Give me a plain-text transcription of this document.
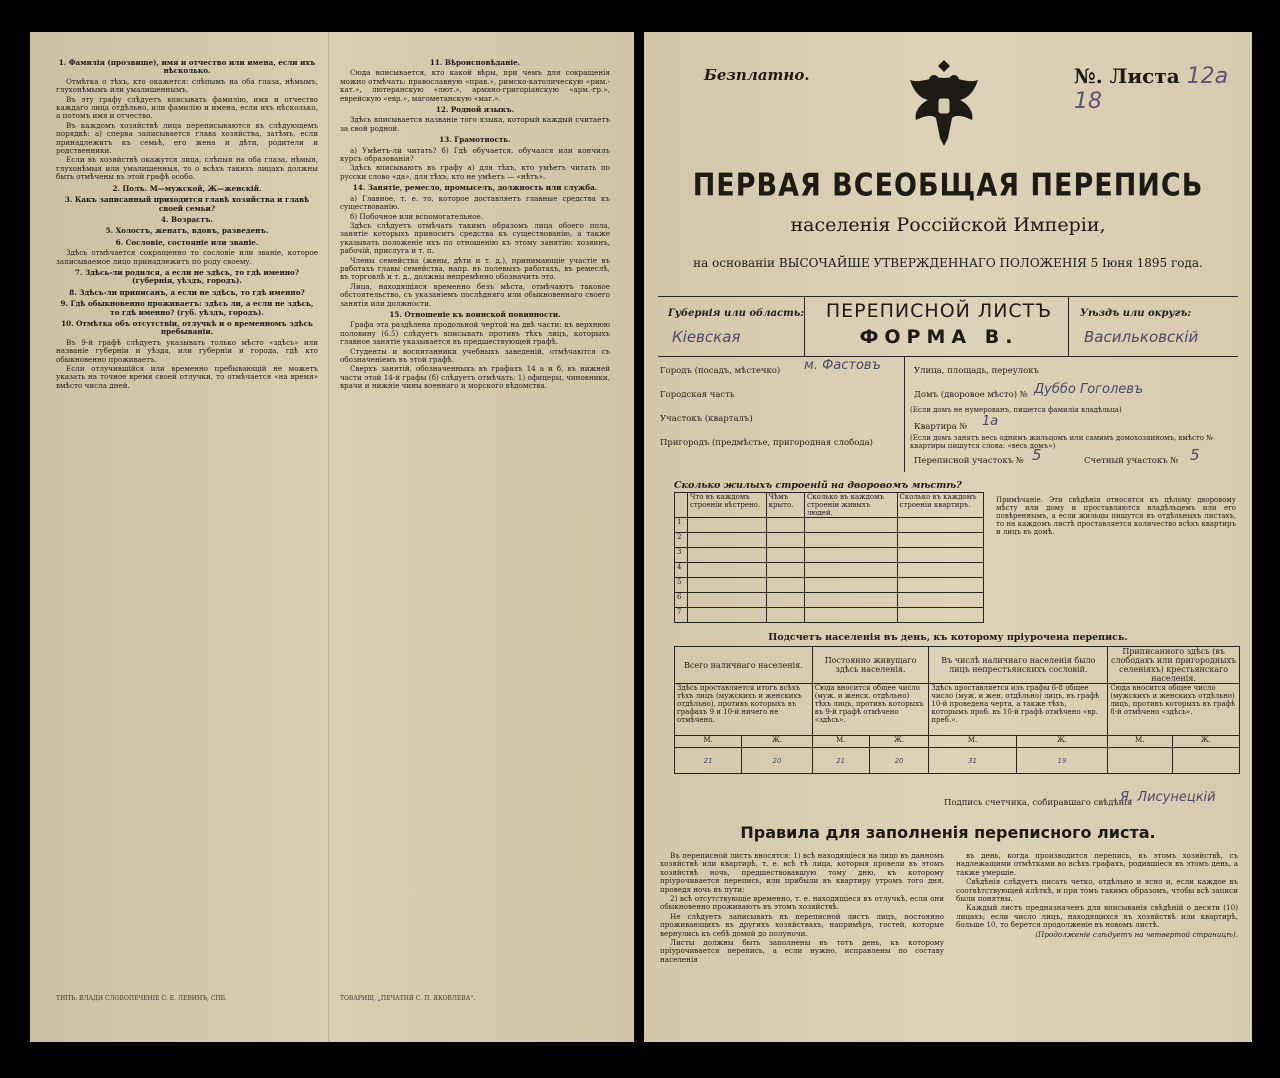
1. Фамилія (прозвище), имя и отчество или имена, если ихъ нѣсколько.

Отмѣтка о тѣхъ, кто окажется: слѣпымъ на оба глаза, нѣмымъ, глухонѣмымъ или умалишеннымъ.

Въ эту графу слѣдуетъ вписывать фамилію, имя и отчество каждаго лица отдѣльно, или фамилію и имена, если ихъ нѣсколько, а потомъ имя и отчество.

Въ каждомъ хозяйствѣ лица переписываются въ слѣдующемъ порядкѣ: а) сперва записывается глава хозяйства, затѣмъ, если принадлежитъ къ семьѣ, его жена и дѣти, родители и родственники.

Если въ хозяйствѣ окажутся лица, слѣпыя на оба глаза, нѣмыя, глухонѣмыя или умалишенныя, то о всѣхъ такихъ лицахъ должны быть отмѣчены въ этой графѣ особо.

2. Полъ. М—мужской, Ж—женскій.

3. Какъ записанный приходится главѣ хозяйства и главѣ своей семьи?

4. Возрастъ.

5. Холостъ, женатъ, вдовъ, разведенъ.

6. Сословіе, состояніе или званіе.

Здѣсь отмѣчается сокращенно то сословіе или званіе, которое записываемое лицо принадлежитъ по роду своему.

7. Здѣсь-ли родился, а если не здѣсь, то гдѣ именно? (губернія, уѣздъ, городъ).

8. Здѣсь-ли приписанъ, а если не здѣсь, то гдѣ именно?

9. Гдѣ обыкновенно проживаетъ: здѣсь ли, а если не здѣсь, то гдѣ именно? (губ. уѣздъ, городъ).

10. Отмѣтка объ отсутствіи, отлучкѣ и о временномъ здѣсь пребываніи.

Въ 9-й графѣ слѣдуетъ указывать только мѣсто «здѣсь» или названіе губерніи и уѣзда, или губерніи и города, гдѣ кто обыкновенно проживаетъ.

Если отлучившійся или временно пребывающій не можетъ указать на точное время своей отлучки, то отмѣчается «на время» вмѣсто числа дней.

11. Вѣроисповѣданіе.

Сюда вписывается, кто какой вѣры, при чемъ для сокращенія можно отмѣчать: православную «прав.», римско-католическую «рим.-кат.», лютеранскую «лют.», армяно-григоріанскую «арм.-гр.», еврейскую «евр.», магометанскую «маг.».

12. Родной языкъ.

Здѣсь вписывается названіе того языка, который каждый считаетъ за свой родной.

13. Грамотность.

а) Умѣетъ-ли читать? б) Гдѣ обучается, обучался или кончилъ курсъ образованія?

Здѣсь вписываютъ въ графу а) для тѣхъ, кто умѣетъ читать по русски слово «да», для тѣхъ, кто не умѣетъ — «нѣтъ».

14. Занятіе, ремесло, промыселъ, должность или служба.

а) Главное, т. е. то, которое доставляетъ главные средства къ существованію.

б) Побочное или вспомогательное.

Здѣсь слѣдуетъ отмѣчать такимъ образомъ лица обоего пола, занятіе которыхъ приноситъ средства къ существованію, а также указывать положеніе ихъ по отношенію къ этому занятію: хозяинъ, рабочій, прислуга и т. п.

Члены семейства (жены, дѣти и т. д.), принимающіе участіе въ работахъ главы семейства, напр. въ полевыхъ работахъ, въ ремеслѣ, въ торговлѣ и т. д., должны непремѣнно обозначить это.

Лица, находящіяся временно безъ мѣста, отмѣчаютъ таковое обстоятельство, съ указаніемъ послѣдняго или обыкновеннаго своего занятія или должности.

15. Отношеніе къ воинской повинности.

Графа эта раздѣлена продольной чертой на двѣ части: въ верхнюю половину (6.5) слѣдуетъ вписывать противъ тѣхъ лицъ, которыхъ главное занятіе указывается въ предшествующей графѣ.

Студенты и воспитанники учебныхъ заведеній, отмѣчаются съ обозначеніемъ въ этой графѣ.

Сверхъ занятій, обозначенныхъ въ графахъ 14 а и б, въ нижней части этой 14-й графы (б) слѣдуетъ отмѣчать: 1) офицеры, чиновники, врачи и нижніе чины военнаго и морского вѣдомства.

ТИПЪ. ВЛАДИ СЛОВОПЕЧЕНІЕ С. Е. ЛЕВИНЪ, СПБ.	ТОВАРИЩ. „ПЕЧАТНЯ С. П. ЯКОВЛЕВА“.
Безплатно.	№. Листа 12а 18
ПЕРВАЯ ВСЕОБЩАЯ ПЕРЕПИСЬ
населенія Россійской Имперіи,
на основаніи ВЫСОЧАЙШЕ УТВЕРЖДЕННАГО ПОЛОЖЕНІЯ 5 Іюня 1895 года.
Губернія или область:
Кіевская
ПЕРЕПИСНОЙ ЛИСТЪ
ФОРМА В.
Уѣздъ или округъ:
Васильковскій
Городъ (посадъ, мѣстечко) м. Фастовъ	Улица, площадь, переулокъ
Городская часть	Домъ (дворовое мѣсто) № Дуббо Гоголевъ
(Если домъ не нумерованъ, пишется фамилія владѣльца)
Участокъ (кварталъ)
Квартира № 1а
(Если домъ занятъ весь однимъ жильцомъ или самимъ домохозяиномъ, вмѣсто № квартиры пишутся слова: «весь домъ»)
Пригородъ (предмѣстье, пригородная слобода)
Переписной участокъ № 5	Счетный участокъ № 5
Сколько жилыхъ строеній на дворовомъ мѣстѣ?
	Что въ каждомъ строеніи вѣстрено.	Чѣмъ крыто.	Сколько въ каждомъ строеніи живыхъ людей.	Сколько въ каждомъ строеніи квартиръ.
1				
2				
3				
4				
5				
6				
7				
Примѣчаніе. Эти свѣдѣнія относятся къ цѣлому дворовому мѣсту или дому и проставляются владѣльцемъ или его повѣреннымъ, а если жильцы пишутся въ отдѣльныхъ листахъ, то на каждомъ листѣ проставляется количество всѣхъ квартиръ и лицъ въ домѣ.
Подсчетъ населенія въ день, къ которому пріурочена перепись.
Всего наличнаго населенія.		Постоянно живущаго здѣсь населенія.		Въ числѣ наличнаго населенія было лицъ непрестъянскихъ сословій.		Приписанного здѣсь (въ слободахъ или пригородныхъ селеніяхъ) крестьянскаго населенія.	
Здѣсь проставляется итогъ всѣхъ тѣхъ лицъ (мужскихъ и женскихъ отдѣльно), противъ которыхъ въ графахъ 9 и 10-й ничего не отмѣчено.		Сюда вносится общее число (муж. и женск. отдѣльно) тѣхъ лицъ, противъ которыхъ въ 9-й графѣ отмѣчено «здѣсь».		Здѣсь проставляется изъ графы 6-8 общее число (муж. и жен. отдѣльно) лицъ, въ графѣ 10-й проведена черта, а также тѣхъ, которымъ проб. въ 10-й графѣ отмѣчено «вр. преб.».		Сюда вносится общее число (мужскихъ и женскихъ отдѣльно) лицъ, противъ которыхъ въ графѣ 8-й отмѣчено «здѣсь».	
М.	Ж.	М.	Ж.	М.	Ж.	М.	Ж.
21	20	21	20	31	19		
Подпись счетчика, собиравшаго свѣдѣнія
Я. Лисунецкій
Правила для заполненія переписного листа.

Въ переписной листъ вносятся: 1) всѣ находящіеся на лицо въ данномъ хозяйствѣ или квартирѣ, т. е. всѣ тѣ лица, которыя провели въ этомъ хозяйствѣ ночь, предшествовавшую тому дню, къ которому пріурочивается перепись, или прибыли въ квартиру утромъ того дня, проведя ночь въ пути;

2) всѣ отсутствующіе временно, т. е. находящіеся въ отлучкѣ, если они обыкновенно проживаютъ въ этомъ хозяйствѣ.

Не слѣдуетъ записывать въ переписной листъ лицъ, постоянно проживающихъ въ другихъ хозяйствахъ, напримѣръ, гостей, которые вернулись къ себѣ домой до полуночи.

Листы должны быть заполнены въ тотъ день, къ которому пріурочивается перепись, а если нужно, исправлены по составу населенія

въ день, когда производится перепись, въ этомъ хозяйствѣ, съ надлежащими отмѣтками во всѣхъ графахъ, родившіеся въ этомъ день, а также умершіе.

Свѣдѣнія слѣдуетъ писать четко, отдѣльно и ясно и, если каждое въ соотвѣтствующей клѣткѣ, и при томъ такимъ образомъ, чтобы всѣ записи были понятны.

Каждый листъ предназначенъ для вписыванія свѣдѣній о десяти (10) лицахъ; если число лицъ, находящихся въ хозяйствѣ или квартирѣ, больше 10, то берется продолженіе въ новомъ листѣ.

(Продолженіе слѣдуетъ на четвертой страницѣ).
